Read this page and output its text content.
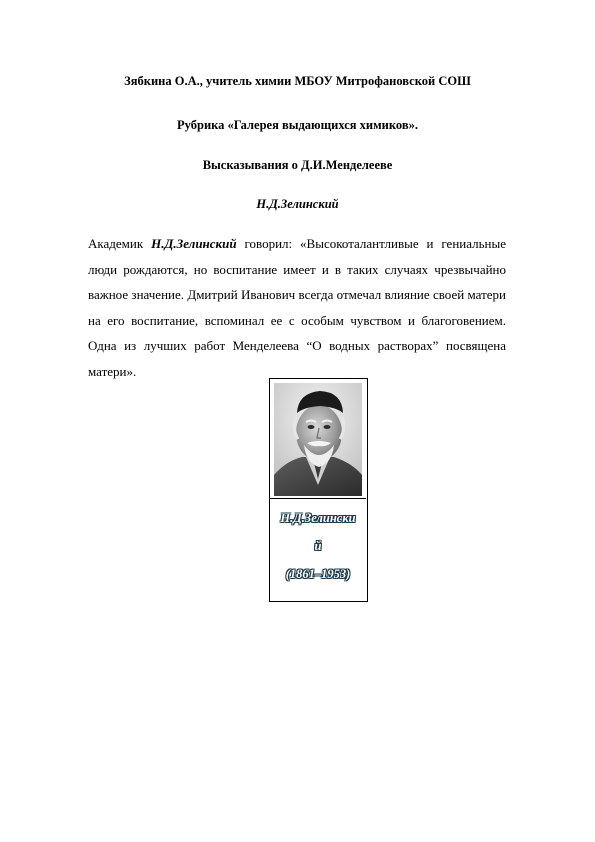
Зябкина О.А., учитель химии МБОУ Митрофановской СОШ
Рубрика «Галерея выдающихся химиков».
Высказывания о Д.И.Менделееве
Н.Д.Зелинский

Академик Н.Д.Зелинский говорил: «Высокоталантливые и гениальные люди рождаются, но воспитание имеет и в таких случаях чрезвычайно важное значение. Дмитрий Иванович всегда отмечал влияние своей матери на его воспитание, вспоминал ее с особым чувством и благоговением. Одна из лучших работ Менделеева “О водных растворах” посвящена матери».

Н.Д.Зелински
й
(1861–1953)
